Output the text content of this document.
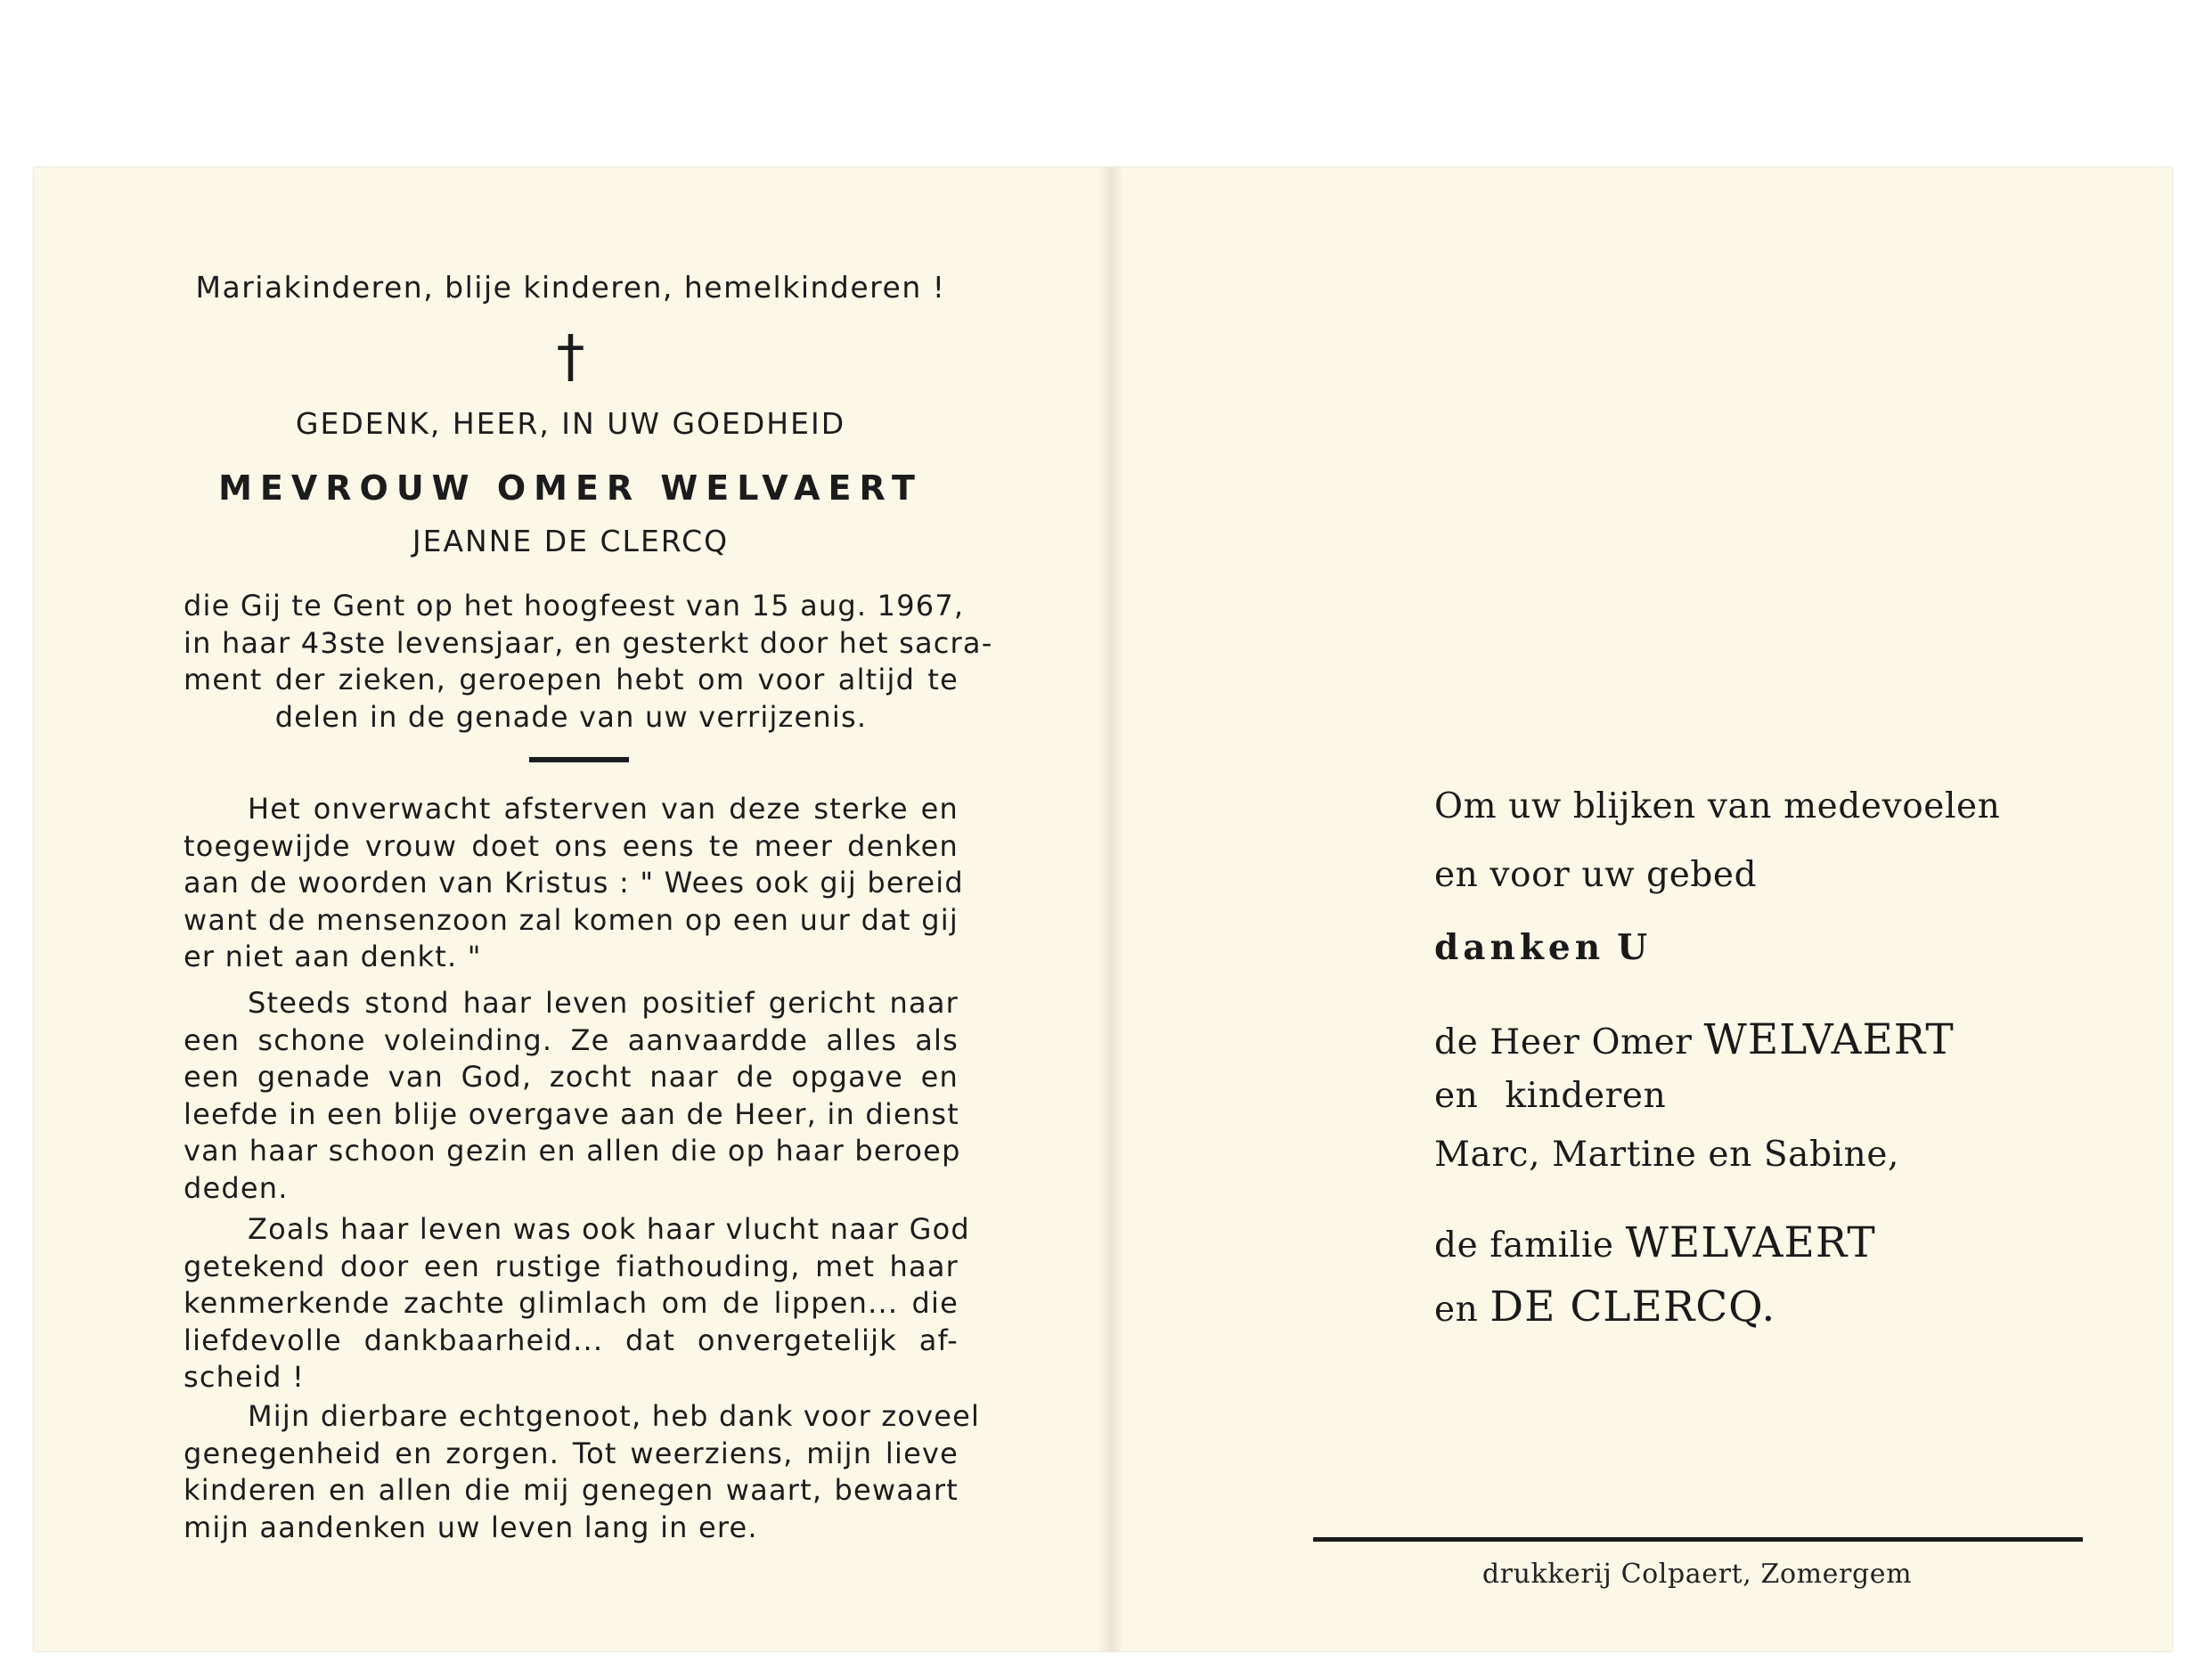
Mariakinderen, blije kinderen, hemelkinderen !
†
GEDENK, HEER, IN UW GOEDHEID
MEVROUW OMER WELVAERT
JEANNE DE CLERCQ
die Gij te Gent op het hoogfeest van 15 aug. 1967,
in haar 43ste levensjaar, en gesterkt door het sacra-
ment der zieken, geroepen hebt om voor altijd te
delen in de genade van uw verrijzenis.
Het onverwacht afsterven van deze sterke en
toegewijde vrouw doet ons eens te meer denken
aan de woorden van Kristus : " Wees ook gij bereid
want de mensenzoon zal komen op een uur dat gij
er niet aan denkt. "
Steeds stond haar leven positief gericht naar
een schone voleinding. Ze aanvaardde alles als
een genade van God, zocht naar de opgave en
leefde in een blije overgave aan de Heer, in dienst
van haar schoon gezin en allen die op haar beroep
deden.
Zoals haar leven was ook haar vlucht naar God
getekend door een rustige fiathouding, met haar
kenmerkende zachte glimlach om de lippen... die
liefdevolle dankbaarheid... dat onvergetelijk af-
scheid !
Mijn dierbare echtgenoot, heb dank voor zoveel
genegenheid en zorgen. Tot weerziens, mijn lieve
kinderen en allen die mij genegen waart, bewaart
mijn aandenken uw leven lang in ere.
Om uw blijken van medevoelen
en voor uw gebed
danken U
de Heer Omer WELVAERT
en kinderen
Marc, Martine en Sabine,
de familie WELVAERT
en DE CLERCQ.
drukkerij Colpaert, Zomergem
